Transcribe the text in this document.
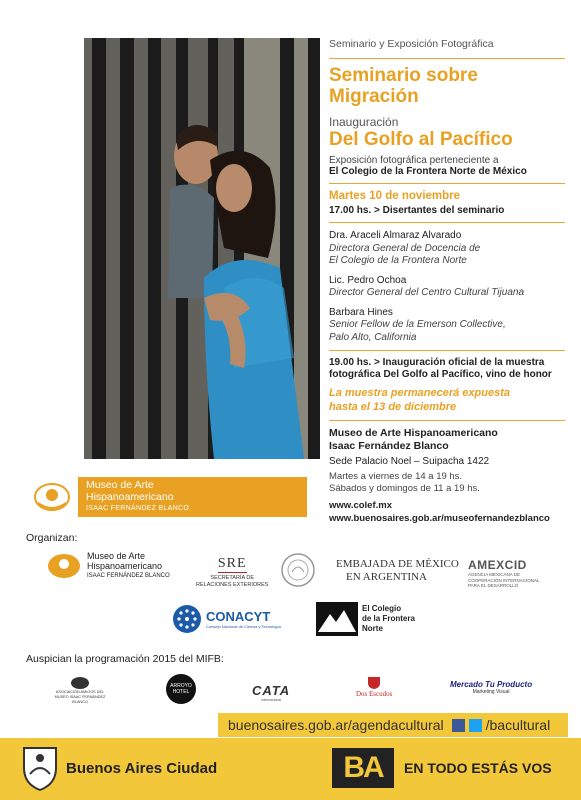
Seminario y Exposición Fotográfica
Seminario sobre
Migración
Inauguración
Del Golfo al Pacífico
Exposición fotográfica perteneciente a
El Colegio de la Frontera Norte de México
Martes 10 de noviembre
17.00 hs. > Disertantes del seminario
Dra. Araceli Almaraz Alvarado
Directora General de Docencia de
El Colegio de la Frontera Norte
Lic. Pedro Ochoa
Director General del Centro Cultural Tijuana
Barbara Hines
Senior Fellow de la Emerson Collective,
Palo Alto, California
19.00 hs. > Inauguración oficial de la muestra
fotográfica Del Golfo al Pacífico, vino de honor
La muestra permanecerá expuesta
hasta el 13 de diciembre
Museo de Arte Hispanoamericano
Isaac Fernández Blanco
Sede Palacio Noel – Suipacha 1422
Martes a viernes de 14 a 19 hs.
Sábados y domingos de 11 a 19 hs.
www.colef.mx
www.buenosaires.gob.ar/museofernandezblanco
Museo de Arte
Hispanoamericano
ISAAC FERNÁNDEZ BLANCO
Organizan:
Museo de Arte
Hispanoamericano
ISAAC FERNÁNDEZ BLANCO
SRE
SECRETARÍA DE
RELACIONES EXTERIORES
EMBAJADA DE MÉXICO
EN ARGENTINA
AMEXCID
AGENCIA MEXICANA DE
COOPERACIÓN INTERNACIONAL
PARA EL DESARROLLO
CONACYT
Consejo Nacional de Ciencia y Tecnología
El Colegio
de la Frontera
Norte
Auspician la programación 2015 del MIFB:
ASOCIACIÓN AMIGOS DEL MUSEO ISAAC FERNÁNDEZ BLANCO
ARROYO HOTEL	CATA
Internacional
Dos Escudos
Mercado Tu Producto
Marketing Visual
buenosaires.gob.ar/agendacultural	/bacultural
Buenos Aires Ciudad	BA	EN TODO ESTÁS VOS
